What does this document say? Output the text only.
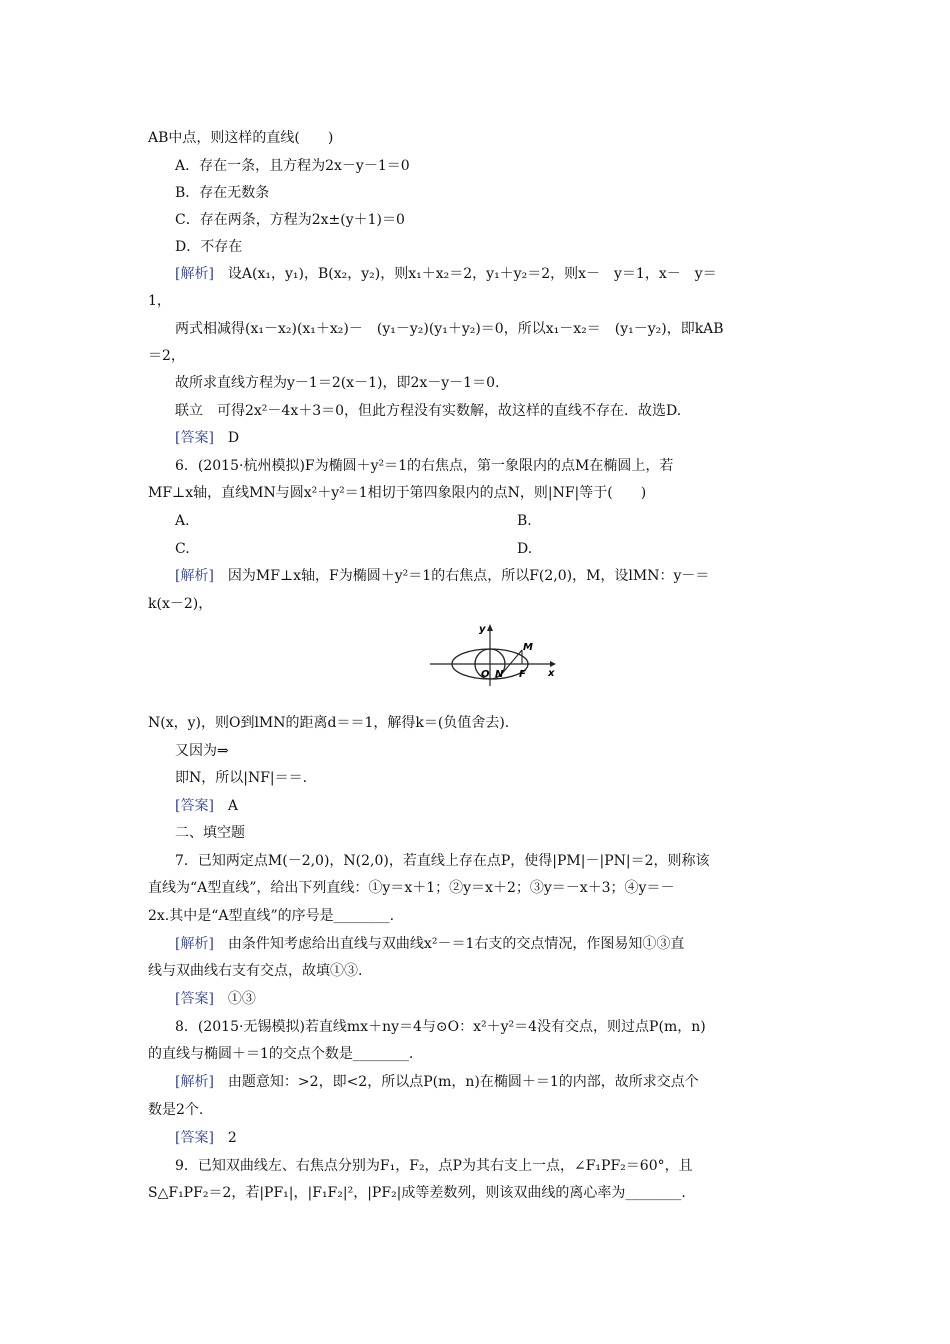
y
x
O N F
M
AB中点，则这样的直线(　　)
A．存在一条，且方程为2x－y－1＝0
B．存在无数条
C．存在两条，方程为2x±(y＋1)＝0
D．不存在
[解析]　设A(x₁，y₁)，B(x₂，y₂)，则x₁＋x₂＝2，y₁＋y₂＝2，则x－　y＝1，x－　y＝
1，
两式相减得(x₁－x₂)(x₁＋x₂)－　(y₁－y₂)(y₁＋y₂)＝0，所以x₁－x₂＝　(y₁－y₂)，即kAB
＝2，
故所求直线方程为y－1＝2(x－1)，即2x－y－1＝0.
联立　可得2x²－4x＋3＝0，但此方程没有实数解，故这样的直线不存在．故选D.
[答案]　D
6．(2015·杭州模拟)F为椭圆＋y²＝1的右焦点，第一象限内的点M在椭圆上，若
MF⊥x轴，直线MN与圆x²＋y²＝1相切于第四象限内的点N，则|NF|等于(　　)
A.	B.
C.	D.
[解析]　因为MF⊥x轴，F为椭圆＋y²＝1的右焦点，所以F(2,0)，M，设lMN：y－＝
k(x－2)，
N(x，y)，则O到lMN的距离d＝＝1，解得k＝(负值舍去).
又因为⇒
即N，所以|NF|＝＝.
[答案]　A
二、填空题
7．已知两定点M(－2,0)，N(2,0)，若直线上存在点P，使得|PM|－|PN|＝2，则称该
直线为“A型直线”，给出下列直线：①y＝x＋1；②y＝x＋2；③y＝－x＋3；④y＝－
2x.其中是“A型直线”的序号是________.
[解析]　由条件知考虑给出直线与双曲线x²－＝1右支的交点情况，作图易知①③直
线与双曲线右支有交点，故填①③.
[答案]　①③
8．(2015·无锡模拟)若直线mx＋ny＝4与⊙O：x²＋y²＝4没有交点，则过点P(m，n)
的直线与椭圆＋＝1的交点个数是________.
[解析]　由题意知：>2，即<2，所以点P(m，n)在椭圆＋＝1的内部，故所求交点个
数是2个.
[答案]　2
9．已知双曲线左、右焦点分别为F₁，F₂，点P为其右支上一点，∠F₁PF₂＝60°，且
S△F₁PF₂＝2，若|PF₁|，|F₁F₂|²，|PF₂|成等差数列，则该双曲线的离心率为________.
